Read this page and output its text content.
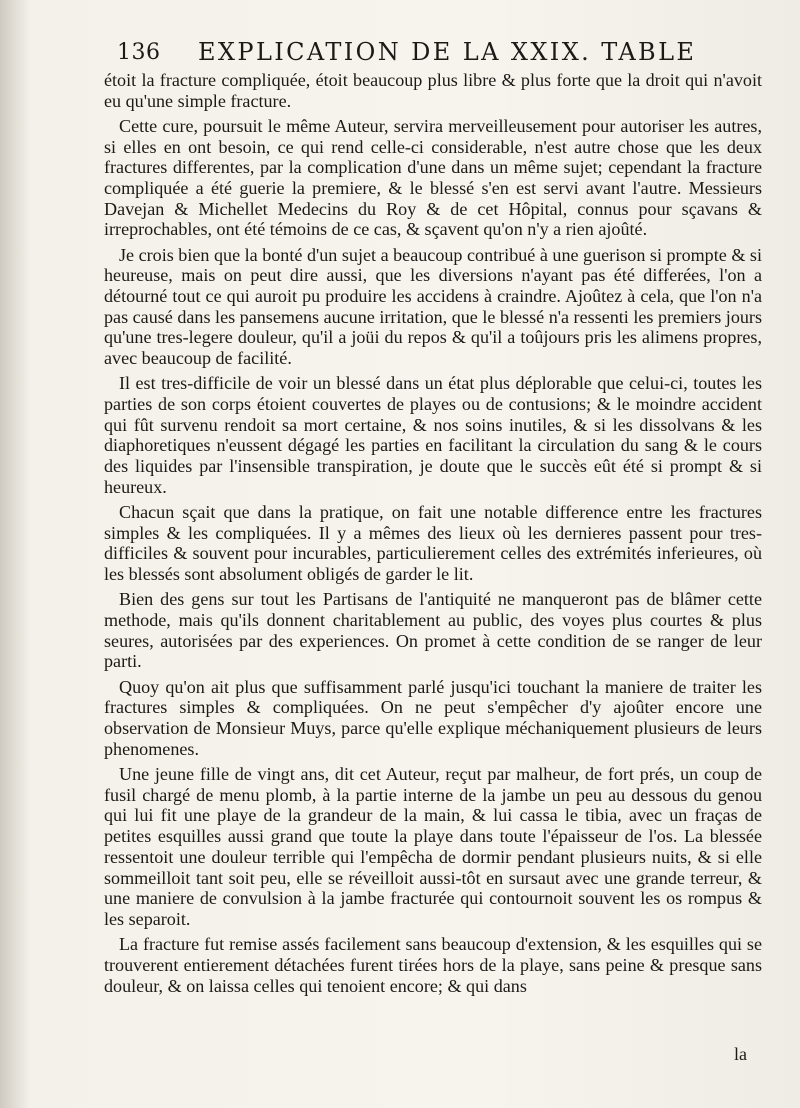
136 EXPLICATION DE LA XXIX. TABLE

étoit la fracture compliquée, étoit beaucoup plus libre & plus forte que la droit qui n'avoit eu qu'une simple fracture.

Cette cure, poursuit le même Auteur, servira merveilleusement pour autoriser les autres, si elles en ont besoin, ce qui rend celle-ci considerable, n'est autre chose que les deux fractures differentes, par la complication d'une dans un même sujet; cependant la fracture compliquée a été guerie la premiere, & le blessé s'en est servi avant l'autre. Messieurs Davejan & Michellet Medecins du Roy & de cet Hôpital, connus pour sçavans & irreprochables, ont été témoins de ce cas, & sçavent qu'on n'y a rien ajoûté.

Je crois bien que la bonté d'un sujet a beaucoup contribué à une guerison si prompte & si heureuse, mais on peut dire aussi, que les diversions n'ayant pas été differées, l'on a détourné tout ce qui auroit pu produire les accidens à craindre. Ajoûtez à cela, que l'on n'a pas causé dans les pansemens aucune irritation, que le blessé n'a ressenti les premiers jours qu'une tres-legere douleur, qu'il a joüi du repos & qu'il a toûjours pris les alimens propres, avec beaucoup de facilité.

Il est tres-difficile de voir un blessé dans un état plus déplorable que celui-ci, toutes les parties de son corps étoient couvertes de playes ou de contusions; & le moindre accident qui fût survenu rendoit sa mort certaine, & nos soins inutiles, & si les dissolvans & les diaphoretiques n'eussent dégagé les parties en facilitant la circulation du sang & le cours des liquides par l'insensible transpiration, je doute que le succès eût été si prompt & si heureux.

Chacun sçait que dans la pratique, on fait une notable difference entre les fractures simples & les compliquées. Il y a mêmes des lieux où les dernieres passent pour tres-difficiles & souvent pour incurables, particulierement celles des extrémités inferieures, où les blessés sont absolument obligés de garder le lit.

Bien des gens sur tout les Partisans de l'antiquité ne manqueront pas de blâmer cette methode, mais qu'ils donnent charitablement au public, des voyes plus courtes & plus seures, autorisées par des experiences. On promet à cette condition de se ranger de leur parti.

Quoy qu'on ait plus que suffisamment parlé jusqu'ici touchant la maniere de traiter les fractures simples & compliquées. On ne peut s'empêcher d'y ajoûter encore une observation de Monsieur Muys, parce qu'elle explique méchaniquement plusieurs de leurs phenomenes.

Une jeune fille de vingt ans, dit cet Auteur, reçut par malheur, de fort prés, un coup de fusil chargé de menu plomb, à la partie interne de la jambe un peu au dessous du genou qui lui fit une playe de la grandeur de la main, & lui cassa le tibia, avec un fraças de petites esquilles aussi grand que toute la playe dans toute l'épaisseur de l'os. La blessée ressentoit une douleur terrible qui l'empêcha de dormir pendant plusieurs nuits, & si elle sommeilloit tant soit peu, elle se réveilloit aussi-tôt en sursaut avec une grande terreur, & une maniere de convulsion à la jambe fracturée qui contournoit souvent les os rompus & les separoit.

La fracture fut remise assés facilement sans beaucoup d'extension, & les esquilles qui se trouverent entierement détachées furent tirées hors de la playe, sans peine & presque sans douleur, & on laissa celles qui tenoient encore; & qui dans

la
